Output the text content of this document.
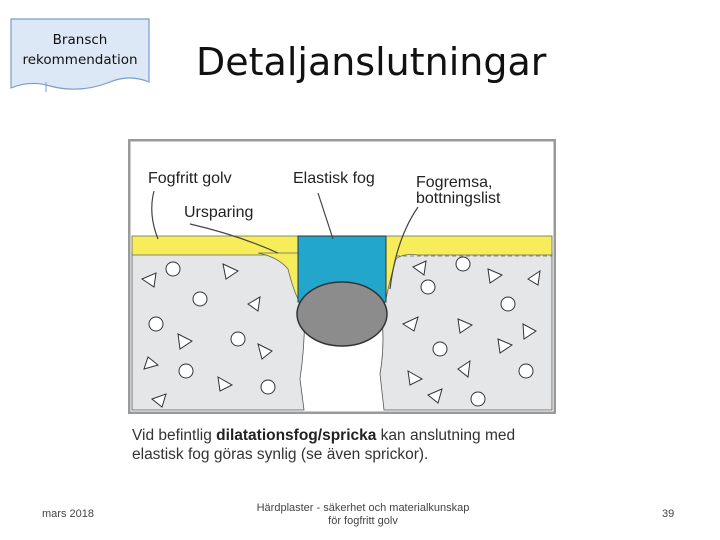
Bransch
rekommendation	Detaljanslutningar
Fogfritt golv
Ursparing
Elastisk fog	Fogremsa,
bottningslist
Vid befintlig dilatationsfog/spricka kan anslutning med
elastisk fog göras synlig (se även sprickor).
mars 2018	Härdplaster - säkerhet och materialkunskap
för fogfritt golv
39
